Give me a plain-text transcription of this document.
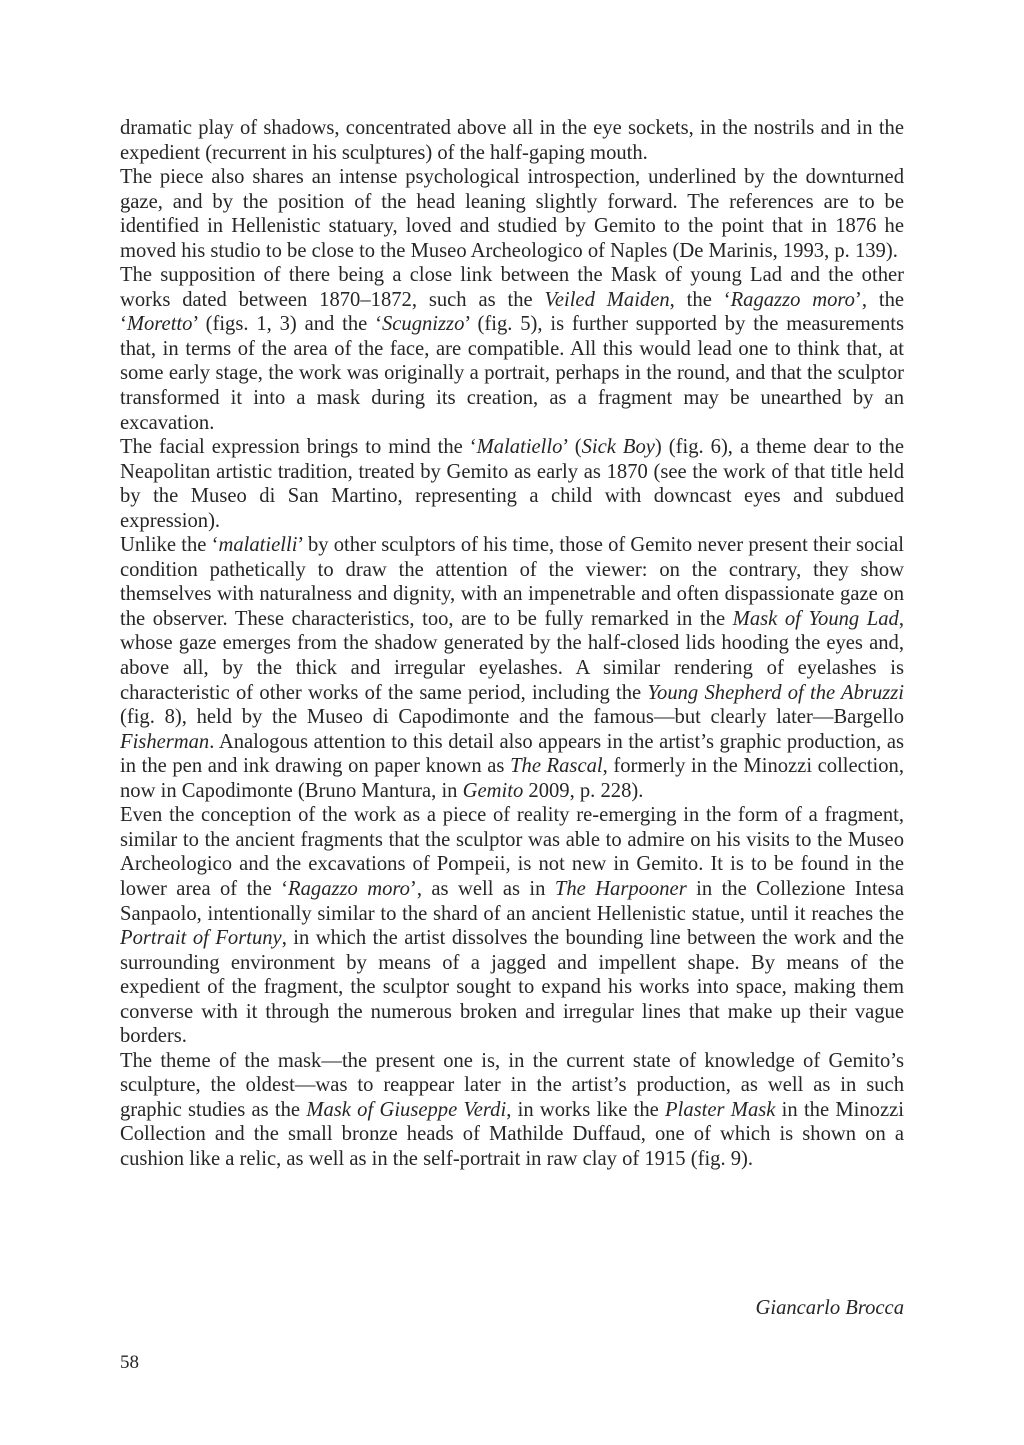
dramatic play of shadows, concentrated above all in the eye sockets, in the nostrils and in the expedient (recurrent in his sculptures) of the half-gaping mouth.

The piece also shares an intense psychological introspection, underlined by the downturned gaze, and by the position of the head leaning slightly forward. The references are to be identified in Hellenistic statuary, loved and studied by Gemito to the point that in 1876 he moved his studio to be close to the Museo Archeologico of Naples (De Marinis, 1993, p. 139).

The supposition of there being a close link between the Mask of young Lad and the other works dated between 1870–1872, such as the Veiled Maiden, the ‘Ragazzo moro’, the ‘Moretto’ (figs. 1, 3) and the ‘Scugnizzo’ (fig. 5), is further supported by the measurements that, in terms of the area of the face, are compatible. All this would lead one to think that, at some early stage, the work was originally a portrait, perhaps in the round, and that the sculptor transformed it into a mask during its creation, as a fragment may be unearthed by an excavation.

The facial expression brings to mind the ‘Malatiello’ (Sick Boy) (fig. 6), a theme dear to the Neapolitan artistic tradition, treated by Gemito as early as 1870 (see the work of that title held by the Museo di San Martino, representing a child with downcast eyes and subdued expression).

Unlike the ‘malatielli’ by other sculptors of his time, those of Gemito never present their social condition pathetically to draw the attention of the viewer: on the contrary, they show themselves with naturalness and dignity, with an impenetrable and often dispassionate gaze on the observer. These characteristics, too, are to be fully remarked in the Mask of Young Lad, whose gaze emerges from the shadow generated by the half-closed lids hooding the eyes and, above all, by the thick and irregular eyelashes. A similar rendering of eyelashes is characteristic of other works of the same period, including the Young Shepherd of the Abruzzi (fig. 8), held by the Museo di Capodimonte and the famous—but clearly later—Bargello Fisherman. Analogous attention to this detail also appears in the artist’s graphic production, as in the pen and ink drawing on paper known as The Rascal, formerly in the Minozzi collection, now in Capodimonte (Bruno Mantura, in Gemito 2009, p. 228).

Even the conception of the work as a piece of reality re-emerging in the form of a fragment, similar to the ancient fragments that the sculptor was able to admire on his visits to the Museo Archeologico and the excavations of Pompeii, is not new in Gemito. It is to be found in the lower area of the ‘Ragazzo moro’, as well as in The Harpooner in the Collezione Intesa Sanpaolo, intentionally similar to the shard of an ancient Hellenistic statue, until it reaches the Portrait of Fortuny, in which the artist dissolves the bounding line between the work and the surrounding environment by means of a jagged and impellent shape. By means of the expedient of the fragment, the sculptor sought to expand his works into space, making them converse with it through the numerous broken and irregular lines that make up their vague borders.

The theme of the mask—the present one is, in the current state of knowledge of Gemito’s sculpture, the oldest—was to reappear later in the artist’s production, as well as in such graphic studies as the Mask of Giuseppe Verdi, in works like the Plaster Mask in the Minozzi Collection and the small bronze heads of Mathilde Duffaud, one of which is shown on a cushion like a relic, as well as in the self-portrait in raw clay of 1915 (fig. 9).

Giancarlo Brocca
58
